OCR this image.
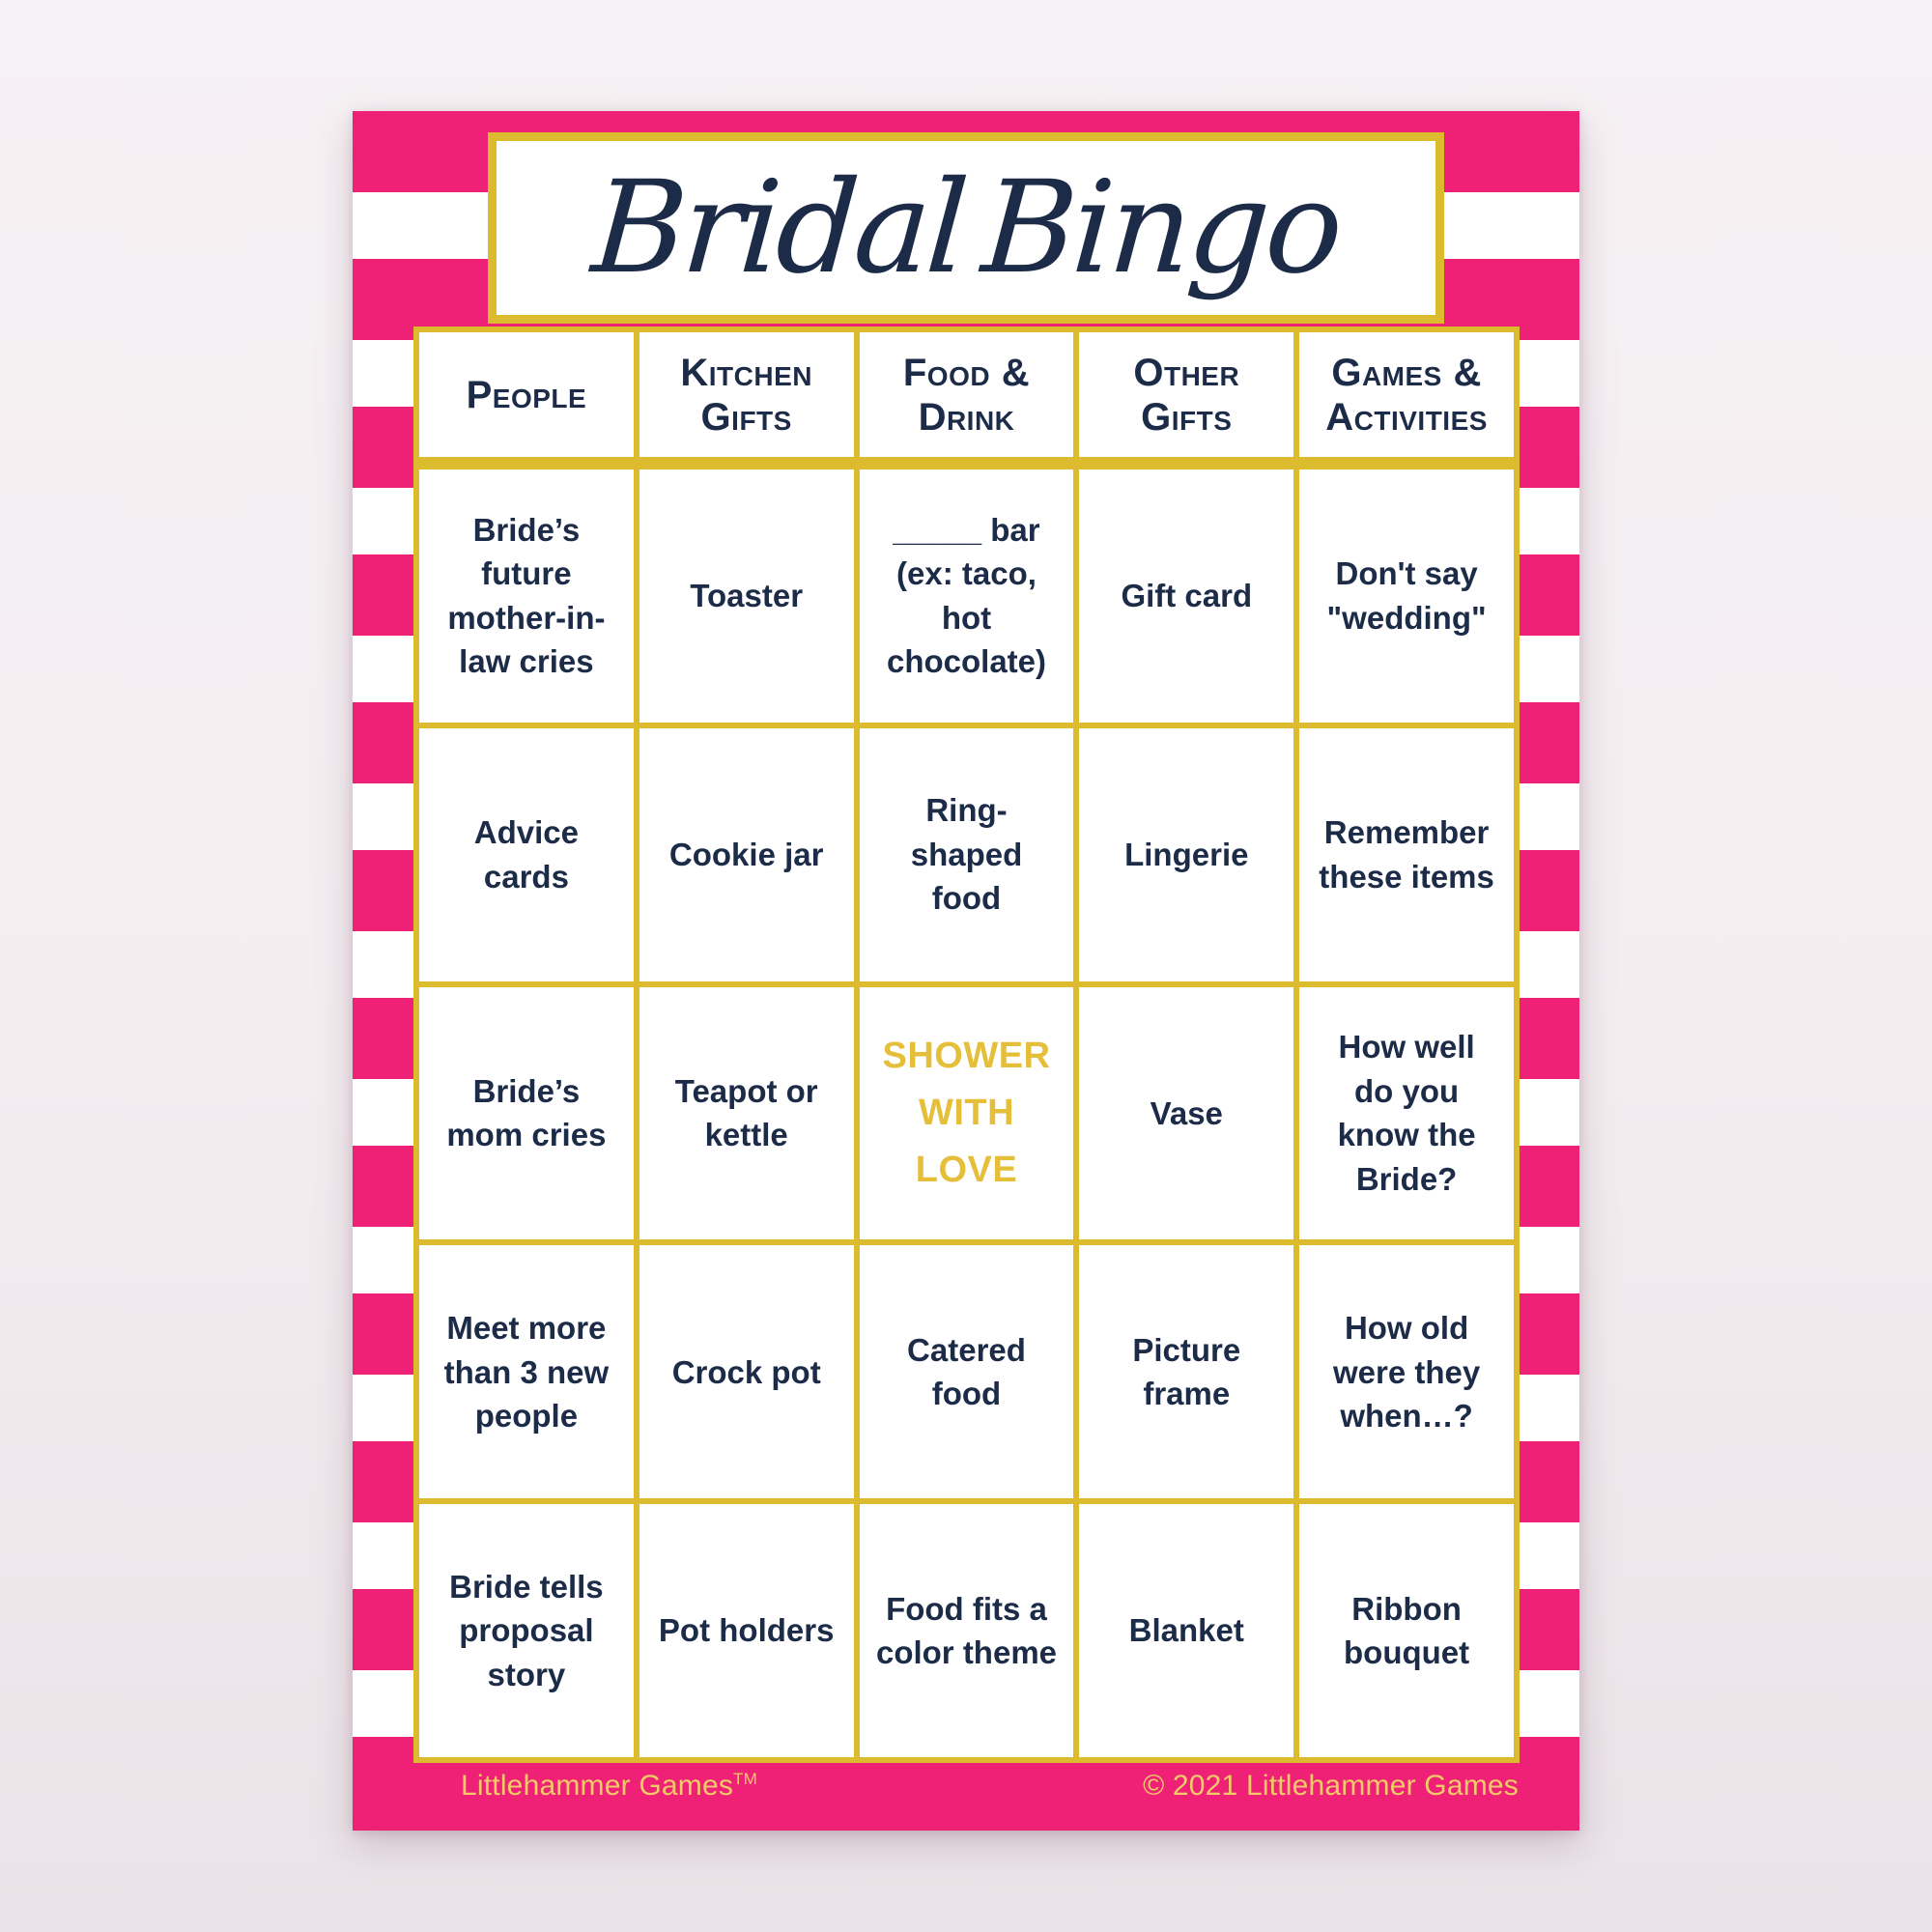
Bridal Bingo
People
Kitchen Gifts
Food & Drink
Other Gifts
Games & Activities
Bride’s future mother-in-law cries
Toaster
_____ bar (ex: taco, hot chocolate)
Gift card
Don't say "wedding"
Advice cards
Cookie jar
Ring-shaped food
Lingerie
Remember these items
Bride’s mom cries
Teapot or kettle
SHOWER WITH LOVE
Vase
How well do you know the Bride?
Meet more than 3 new people
Crock pot
Catered food
Picture frame
How old were they when…?
Bride tells proposal story
Pot holders
Food fits a color theme
Blanket
Ribbon bouquet
Littlehammer Games™	© 2021 Littlehammer Games
